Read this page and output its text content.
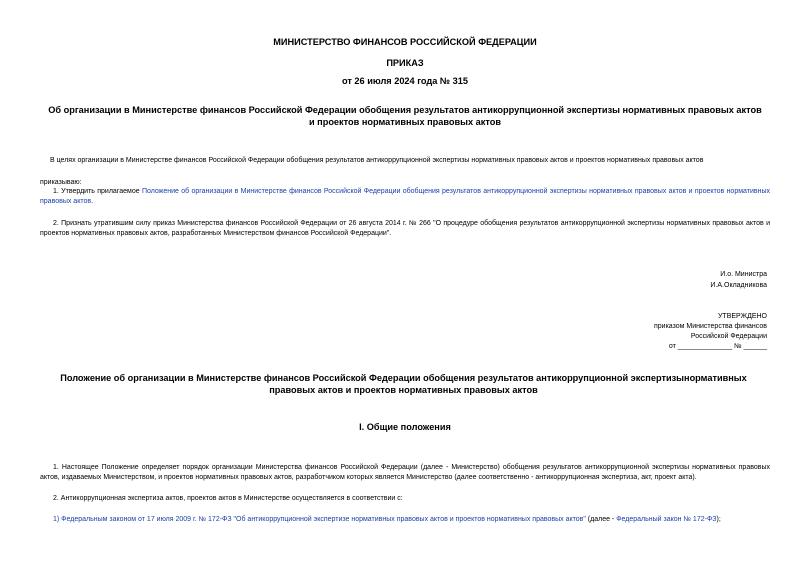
МИНИСТЕРСТВО ФИНАНСОВ РОССИЙСКОЙ ФЕДЕРАЦИИ
ПРИКАЗ
от 26 июля 2024 года № 315
Об организации в Министерстве финансов Российской Федерации обобщения результатов антикоррупционной экспертизы нормативных правовых актов и проектов нормативных правовых актов
В целях организации в Министерстве финансов Российской Федерации обобщения результатов антикоррупционной экспертизы нормативных правовых актов и проектов нормативных правовых актов
приказываю:
1. Утвердить прилагаемое Положение об организации в Министерстве финансов Российской Федерации обобщения результатов антикоррупционной экспертизы нормативных правовых актов и проектов нормативных правовых актов.
2. Признать утратившим силу приказ Министерства финансов Российской Федерации от 26 августа 2014 г. № 266 "О процедуре обобщения результатов антикоррупционной экспертизы нормативных правовых актов и проектов нормативных правовых актов, разработанных Министерством финансов Российской Федерации".
И.о. Министра
И.А.Окладникова
УТВЕРЖДЕНО
приказом Министерства финансов
Российской Федерации
от ______________ № ______
Положение об организации в Министерстве финансов Российской Федерации обобщения результатов антикоррупционной экспертизынормативных правовых актов и проектов нормативных правовых актов
I. Общие положения
1. Настоящее Положение определяет порядок организации Министерства финансов Российской Федерации (далее - Министерство) обобщения результатов антикоррупционной экспертизы нормативных правовых актов, издаваемых Министерством, и проектов нормативных правовых актов, разработчиком которых является Министерство (далее соответственно - антикоррупционная экспертиза, акт, проект акта).
2. Антикоррупционная экспертиза актов, проектов актов в Министерстве осуществляется в соответствии с:
1) Федеральным законом от 17 июля 2009 г. № 172-ФЗ "Об антикоррупционной экспертизе нормативных правовых актов и проектов нормативных правовых актов" (далее - Федеральный закон № 172-ФЗ);
